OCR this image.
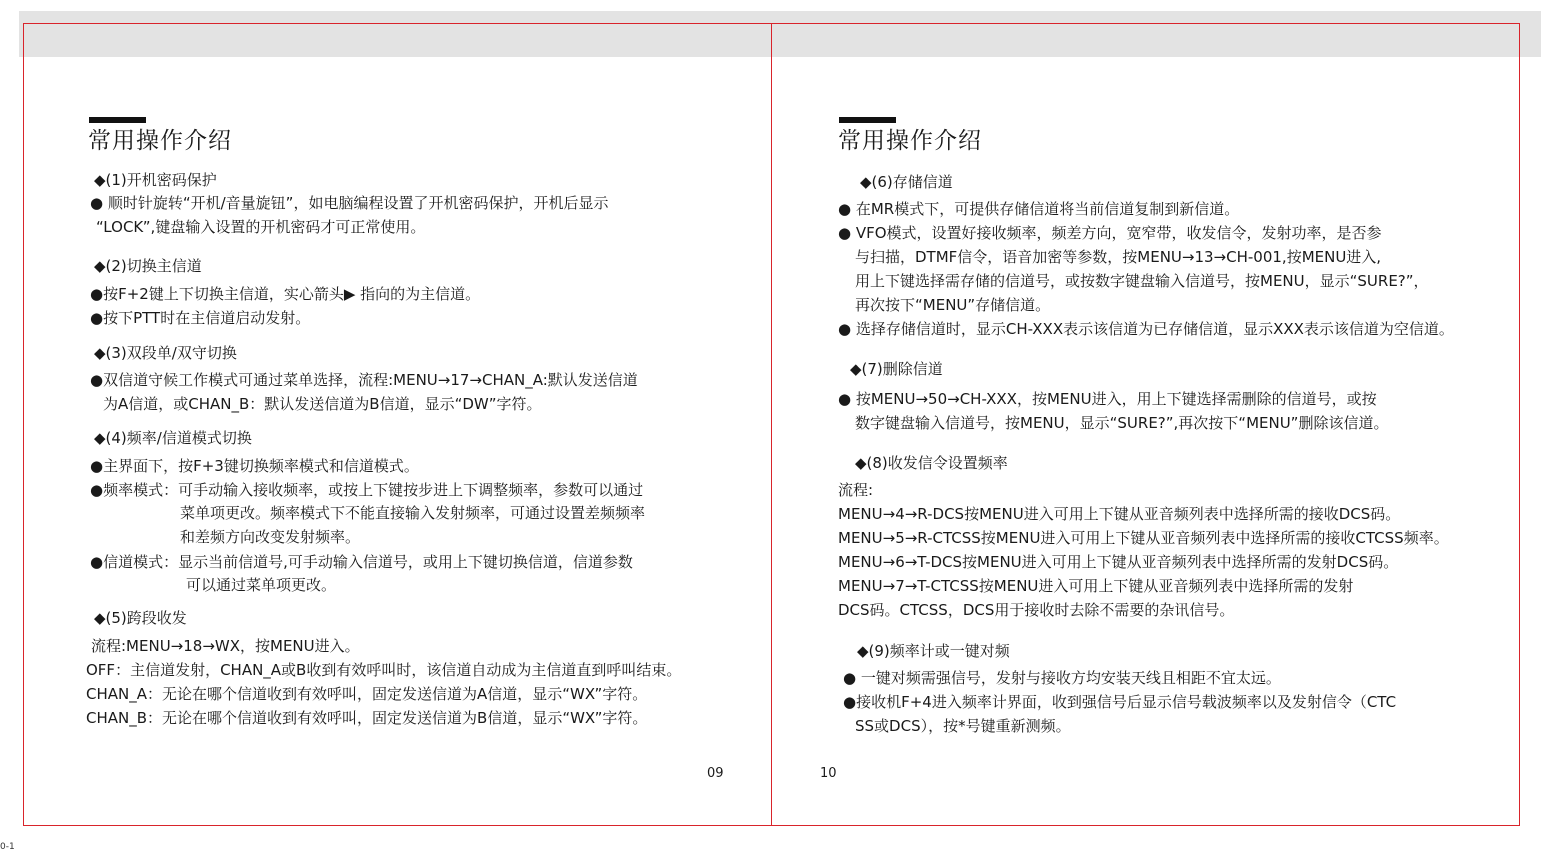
常用操作介绍
◆(1)开机密码保护
● 顺时针旋转“开机/音量旋钮”，如电脑编程设置了开机密码保护，开机后显示
“LOCK”,键盘输入设置的开机密码才可正常使用。
◆(2)切换主信道
●按F+2键上下切换主信道，实心箭头▶ 指向的为主信道。
●按下PTT时在主信道启动发射。
◆(3)双段单/双守切换
●双信道守候工作模式可通过菜单选择，流程:MENU→17→CHAN_A:默认发送信道
为A信道，或CHAN_B：默认发送信道为B信道，显示“DW”字符。
◆(4)频率/信道模式切换
●主界面下，按F+3键切换频率模式和信道模式。
●频率模式：可手动输入接收频率，或按上下键按步进上下调整频率，参数可以通过
菜单项更改。频率模式下不能直接输入发射频率，可通过设置差频频率
和差频方向改变发射频率。
●信道模式：显示当前信道号,可手动输入信道号，或用上下键切换信道，信道参数
可以通过菜单项更改。
◆(5)跨段收发
流程:MENU→18→WX，按MENU进入。
OFF：主信道发射，CHAN_A或B收到有效呼叫时，该信道自动成为主信道直到呼叫结束。
CHAN_A：无论在哪个信道收到有效呼叫，固定发送信道为A信道，显示“WX”字符。
CHAN_B：无论在哪个信道收到有效呼叫，固定发送信道为B信道，显示“WX”字符。
09
常用操作介绍
◆(6)存储信道
● 在MR模式下，可提供存储信道将当前信道复制到新信道。
● VFO模式，设置好接收频率，频差方向，宽窄带，收发信令，发射功率，是否参
与扫描，DTMF信令，语音加密等参数，按MENU→13→CH-001,按MENU进入,
用上下键选择需存储的信道号，或按数字键盘输入信道号，按MENU，显示“SURE?”，
再次按下“MENU”存储信道。
● 选择存储信道时，显示CH-XXX表示该信道为已存储信道，显示XXX表示该信道为空信道。
◆(7)删除信道
● 按MENU→50→CH-XXX，按MENU进入，用上下键选择需删除的信道号，或按
数字键盘输入信道号，按MENU，显示“SURE?”,再次按下“MENU”删除该信道。
◆(8)收发信令设置频率
流程:
MENU→4→R-DCS按MENU进入可用上下键从亚音频列表中选择所需的接收DCS码。
MENU→5→R-CTCSS按MENU进入可用上下键从亚音频列表中选择所需的接收CTCSS频率。
MENU→6→T-DCS按MENU进入可用上下键从亚音频列表中选择所需的发射DCS码。
MENU→7→T-CTCSS按MENU进入可用上下键从亚音频列表中选择所需的发射
DCS码。CTCSS，DCS用于接收时去除不需要的杂讯信号。
◆(9)频率计或一键对频
● 一键对频需强信号，发射与接收方均安装天线且相距不宜太远。
●接收机F+4进入频率计界面，收到强信号后显示信号载波频率以及发射信令（CTC
SS或DCS），按*号键重新测频。
10
0-1
